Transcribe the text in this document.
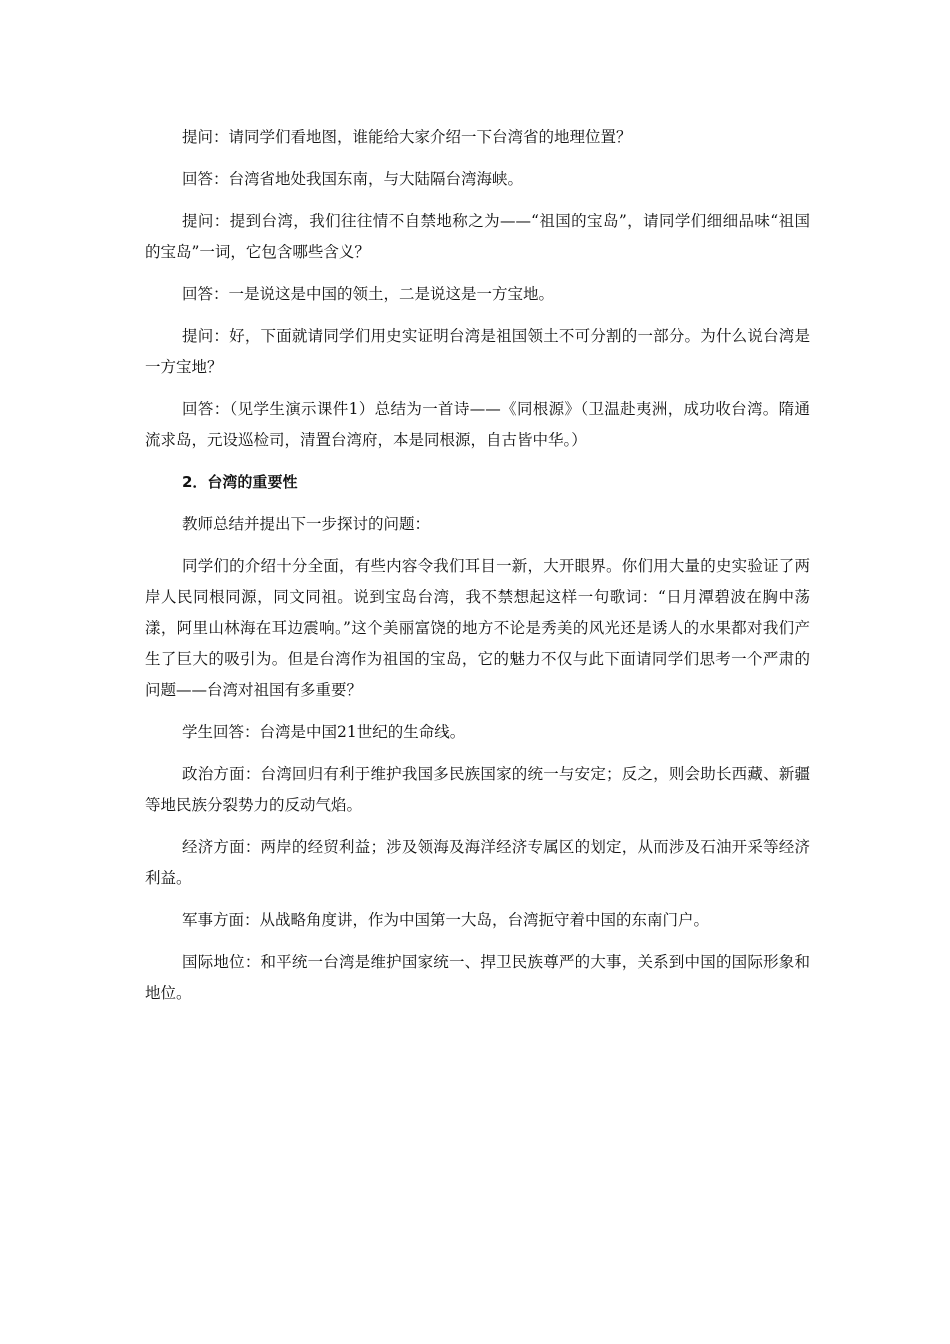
提问：请同学们看地图，谁能给大家介绍一下台湾省的地理位置？

回答：台湾省地处我国东南，与大陆隔台湾海峡。

提问：提到台湾，我们往往情不自禁地称之为——“祖国的宝岛”，请同学们细细品味“祖国的宝岛”一词，它包含哪些含义？

回答：一是说这是中国的领土，二是说这是一方宝地。

提问：好，下面就请同学们用史实证明台湾是祖国领土不可分割的一部分。为什么说台湾是一方宝地？

回答：（见学生演示课件1）总结为一首诗——《同根源》（卫温赴夷洲，成功收台湾。隋通流求岛，元设巡检司，清置台湾府，本是同根源，自古皆中华。）

2．台湾的重要性

教师总结并提出下一步探讨的问题：

同学们的介绍十分全面，有些内容令我们耳目一新，大开眼界。你们用大量的史实验证了两岸人民同根同源，同文同祖。说到宝岛台湾，我不禁想起这样一句歌词：“日月潭碧波在胸中荡漾，阿里山林海在耳边震响。”这个美丽富饶的地方不论是秀美的风光还是诱人的水果都对我们产生了巨大的吸引为。但是台湾作为祖国的宝岛，它的魅力不仅与此下面请同学们思考一个严肃的问题——台湾对祖国有多重要？

学生回答：台湾是中国21世纪的生命线。

政治方面：台湾回归有利于维护我国多民族国家的统一与安定；反之，则会助长西藏、新疆等地民族分裂势力的反动气焰。

经济方面：两岸的经贸利益；涉及领海及海洋经济专属区的划定，从而涉及石油开采等经济利益。

军事方面：从战略角度讲，作为中国第一大岛，台湾扼守着中国的东南门户。

国际地位：和平统一台湾是维护国家统一、捍卫民族尊严的大事，关系到中国的国际形象和地位。
